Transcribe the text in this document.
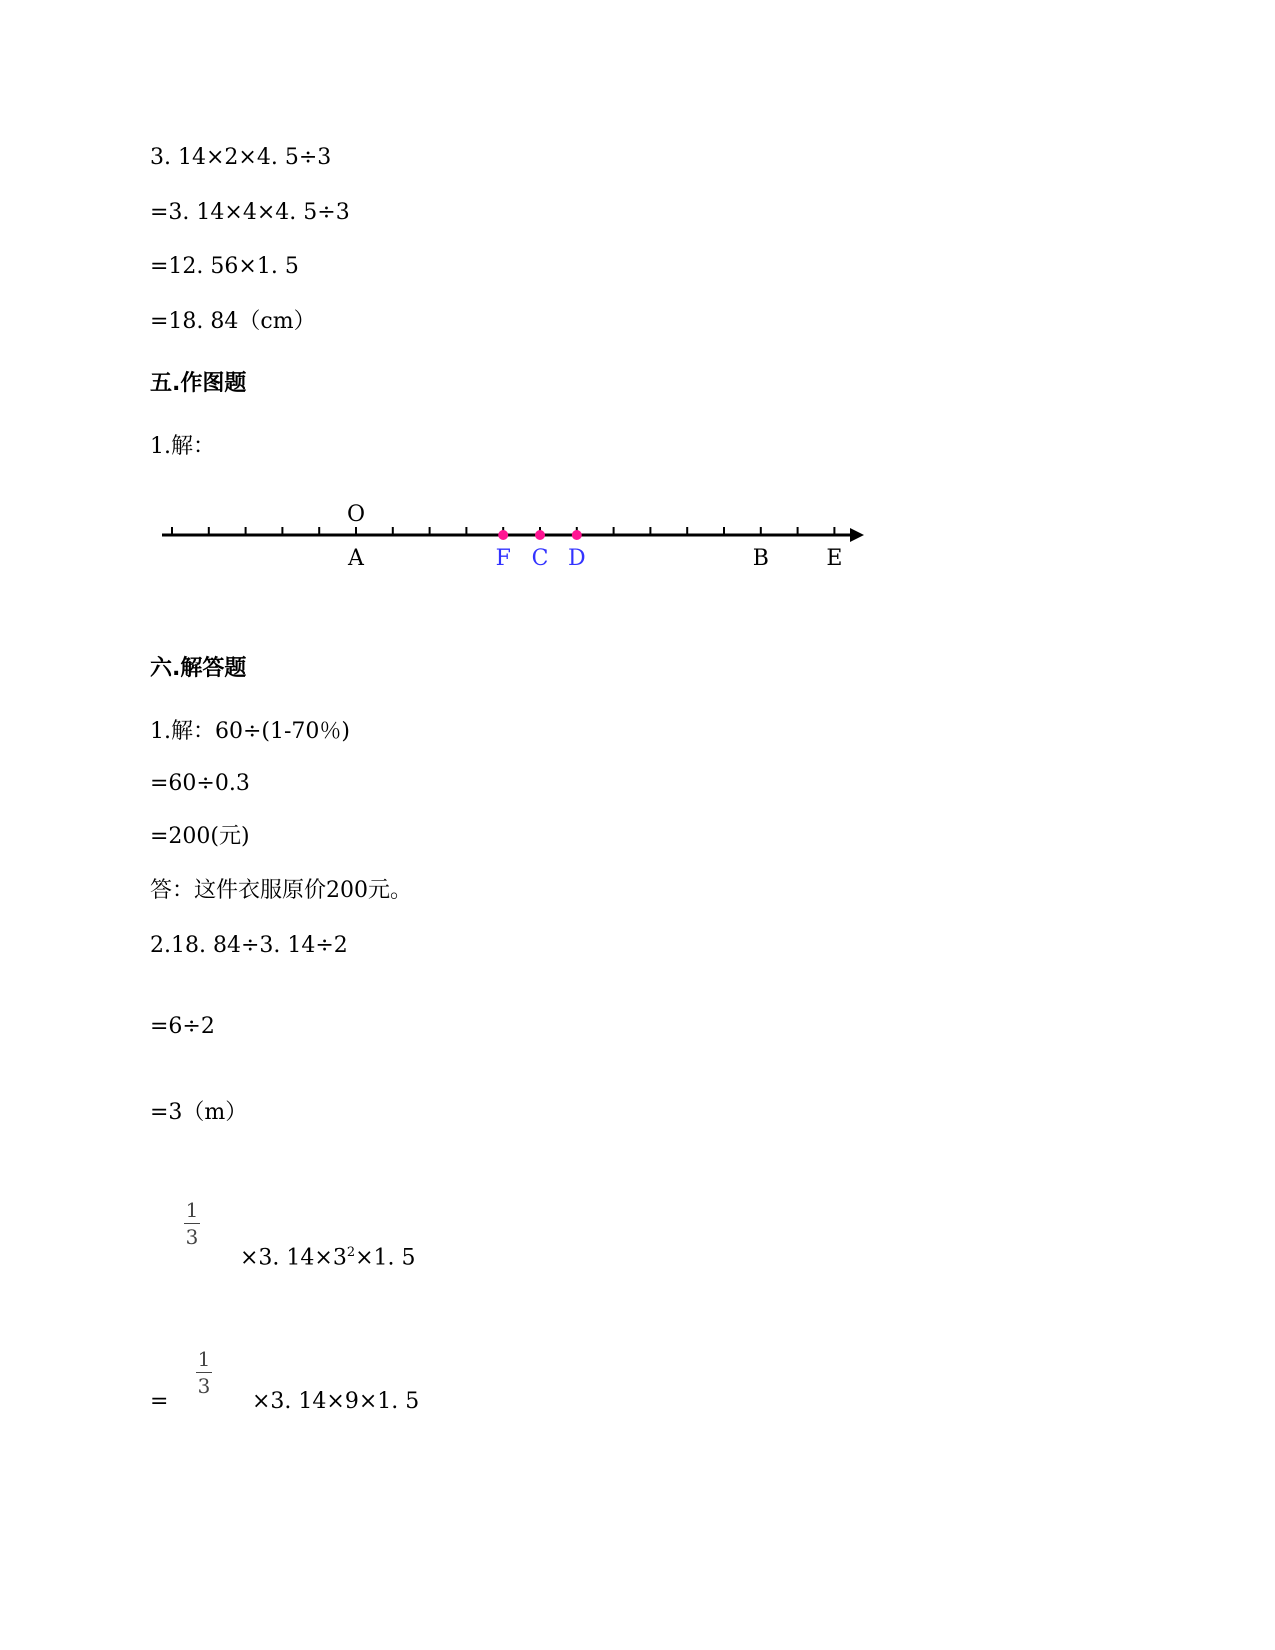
3. 14×2×4. 5÷3
=3. 14×4×4. 5÷3
=12. 56×1. 5
=18. 84（cm）
五.作图题
1.解：
O
A	F C D	B	E
六.解答题
1.解：60÷(1-70％)
=60÷0.3
=200(元)
答：这件衣服原价200元。
2.18. 84÷3. 14÷2
=6÷2
=3（m）
1
3
×3. $14\times 3^2\times 1$. 5
=
1
3
×3. 14×9×1. 5
